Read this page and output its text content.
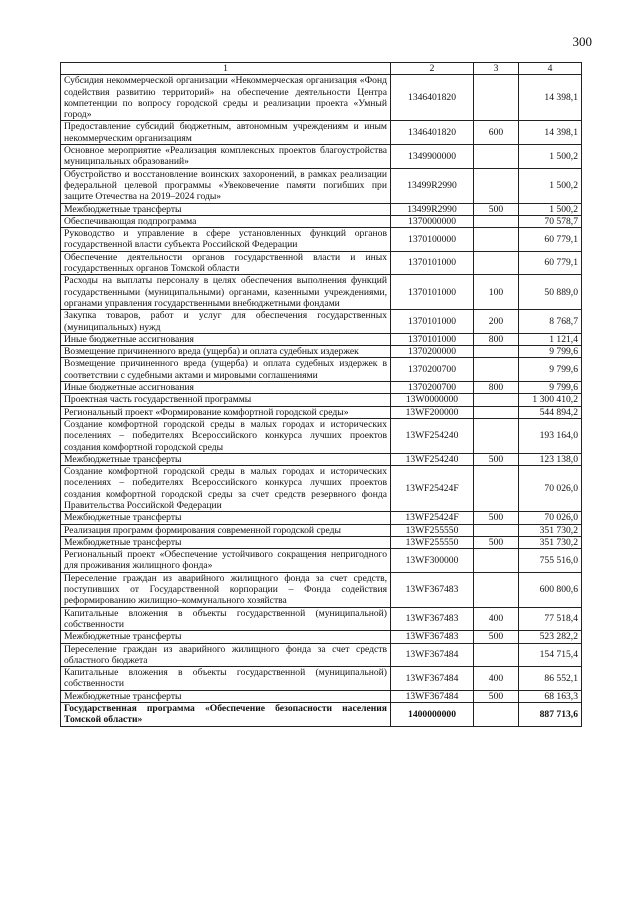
300
1	2	3	4
Субсидия некоммерческой организации «Некоммерческая организация «Фонд содействия развитию территорий» на обеспечение деятельности Центра компетенции по вопросу городской среды и реализации проекта «Умный город»	1346401820		14 398,1
Предоставление субсидий бюджетным, автономным учреждениям и иным некоммерческим организациям	1346401820	600	14 398,1
Основное мероприятие «Реализация комплексных проектов благоустройства муниципальных образований»	1349900000		1 500,2
Обустройство и восстановление воинских захоронений, в рамках реализации федеральной целевой программы «Увековечение памяти погибших при защите Отечества на 2019–2024 годы»	13499R2990		1 500,2
Межбюджетные трансферты	13499R2990	500	1 500,2
Обеспечивающая подпрограмма	1370000000		70 578,7
Руководство и управление в сфере установленных функций органов государственной власти субъекта Российской Федерации	1370100000		60 779,1
Обеспечение деятельности органов государственной власти и иных государственных органов Томской области	1370101000		60 779,1
Расходы на выплаты персоналу в целях обеспечения выполнения функций государственными (муниципальными) органами, казенными учреждениями, органами управления государственными внебюджетными фондами	1370101000	100	50 889,0
Закупка товаров, работ и услуг для обеспечения государственных (муниципальных) нужд	1370101000	200	8 768,7
Иные бюджетные ассигнования	1370101000	800	1 121,4
Возмещение причиненного вреда (ущерба) и оплата судебных издержек	1370200000		9 799,6
Возмещение причиненного вреда (ущерба) и оплата судебных издержек в соответствии с судебными актами и мировыми соглашениями	1370200700		9 799,6
Иные бюджетные ассигнования	1370200700	800	9 799,6
Проектная часть государственной программы	13W0000000		1 300 410,2
Региональный проект «Формирование комфортной городской среды»	13WF200000		544 894,2
Создание комфортной городской среды в малых городах и исторических поселениях – победителях Всероссийского конкурса лучших проектов создания комфортной городской среды	13WF254240		193 164,0
Межбюджетные трансферты	13WF254240	500	123 138,0
Создание комфортной городской среды в малых городах и исторических поселениях – победителях Всероссийского конкурса лучших проектов создания комфортной городской среды за счет средств резервного фонда Правительства Российской Федерации	13WF25424F		70 026,0
Межбюджетные трансферты	13WF25424F	500	70 026,0
Реализация программ формирования современной городской среды	13WF255550		351 730,2
Межбюджетные трансферты	13WF255550	500	351 730,2
Региональный проект «Обеспечение устойчивого сокращения непригодного для проживания жилищного фонда»	13WF300000		755 516,0
Переселение граждан из аварийного жилищного фонда за счет средств, поступивших от Государственной корпорации – Фонда содействия реформированию жилищно–коммунального хозяйства	13WF367483		600 800,6
Капитальные вложения в объекты государственной (муниципальной) собственности	13WF367483	400	77 518,4
Межбюджетные трансферты	13WF367483	500	523 282,2
Переселение граждан из аварийного жилищного фонда за счет средств областного бюджета	13WF367484		154 715,4
Капитальные вложения в объекты государственной (муниципальной) собственности	13WF367484	400	86 552,1
Межбюджетные трансферты	13WF367484	500	68 163,3
Государственная программа «Обеспечение безопасности населения Томской области»	1400000000		887 713,6
